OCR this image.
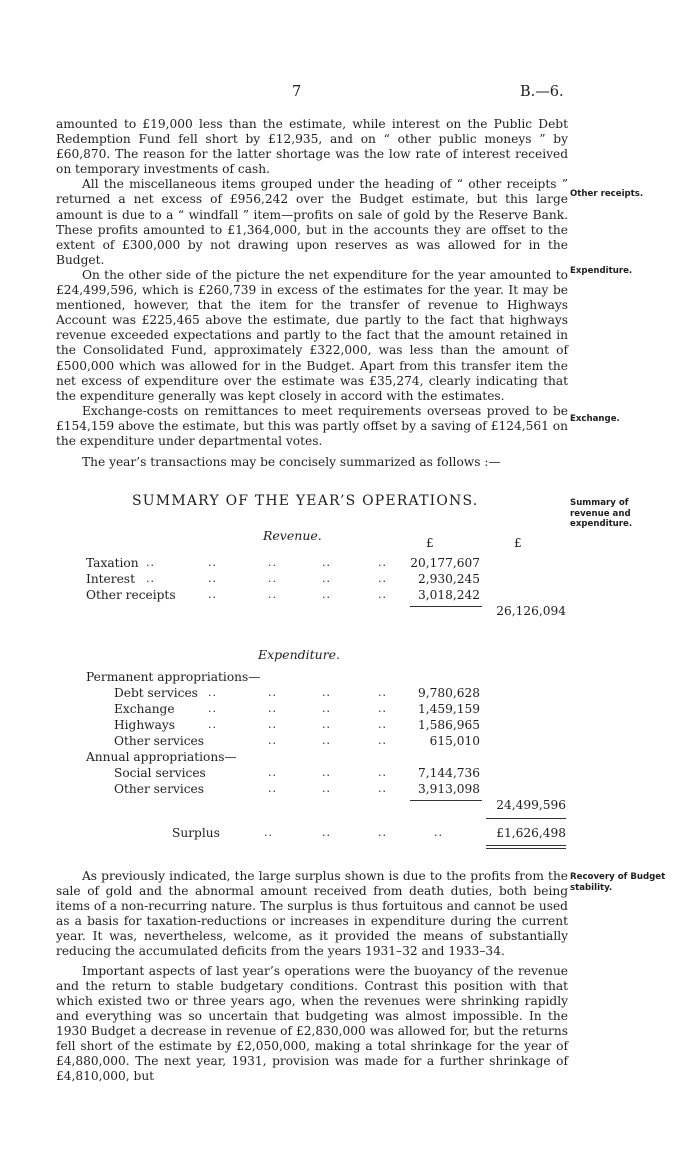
7	B.—6.

amounted to £19,000 less than the estimate, while interest on the Public Debt Redemption Fund fell short by £12,935, and on “ other public moneys ” by £60,870. The reason for the latter shortage was the low rate of interest received on temporary investments of cash.

All the miscellaneous items grouped under the heading of “ other receipts ” returned a net excess of £956,242 over the Budget estimate, but this large amount is due to a “ windfall ” item—profits on sale of gold by the Reserve Bank. These profits amounted to £1,364,000, but in the accounts they are offset to the extent of £300,000 by not drawing upon reserves as was allowed for in the Budget.

On the other side of the picture the net expenditure for the year amounted to £24,499,596, which is £260,739 in excess of the estimates for the year. It may be mentioned, however, that the item for the transfer of revenue to Highways Account was £225,465 above the estimate, due partly to the fact that highways revenue exceeded expectations and partly to the fact that the amount retained in the Consolidated Fund, approximately £322,000, was less than the amount of £500,000 which was allowed for in the Budget. Apart from this transfer item the net excess of expenditure over the estimate was £35,274, clearly indicating that the expenditure generally was kept closely in accord with the estimates.

Exchange-costs on remittances to meet requirements overseas proved to be £154,159 above the estimate, but this was partly offset by a saving of £124,561 on the expenditure under departmental votes.

The year’s transactions may be concisely summarized as follows :—

Other receipts.
Expenditure.
Exchange.
Summary of revenue and expenditure.
Recovery of Budget stability.
SUMMARY OF THE YEAR’S OPERATIONS.
Revenue.	£	£
Taxation ..	..	..	..	.. 20,177,607
Interest ..	..	..	..	..	2,930,245
Other receipts	..	..	..	..	3,018,242
26,126,094
Expenditure.
Permanent appropriations—
Debt services ..	..	..	..	9,780,628
Exchange	..	..	..	..	1,459,159
Highways	..	..	..	..	1,586,965
Other services	..	..	..	615,010
Annual appropriations—
Social services	..	..	..	7,144,736
Other services	..	..	..	3,913,098
24,499,596
Surplus	..	..	..	..	£1,626,498

As previously indicated, the large surplus shown is due to the profits from the sale of gold and the abnormal amount received from death duties, both being items of a non-recurring nature. The surplus is thus fortuitous and cannot be used as a basis for taxation-reductions or increases in expenditure during the current year. It was, nevertheless, welcome, as it provided the means of substantially reducing the accumulated deficits from the years 1931–32 and 1933–34.

Important aspects of last year’s operations were the buoyancy of the revenue and the return to stable budgetary conditions. Contrast this position with that which existed two or three years ago, when the revenues were shrinking rapidly and everything was so uncertain that budgeting was almost impossible. In the 1930 Budget a decrease in revenue of £2,830,000 was allowed for, but the returns fell short of the estimate by £2,050,000, making a total shrinkage for the year of £4,880,000. The next year, 1931, provision was made for a further shrinkage of £4,810,000, but
